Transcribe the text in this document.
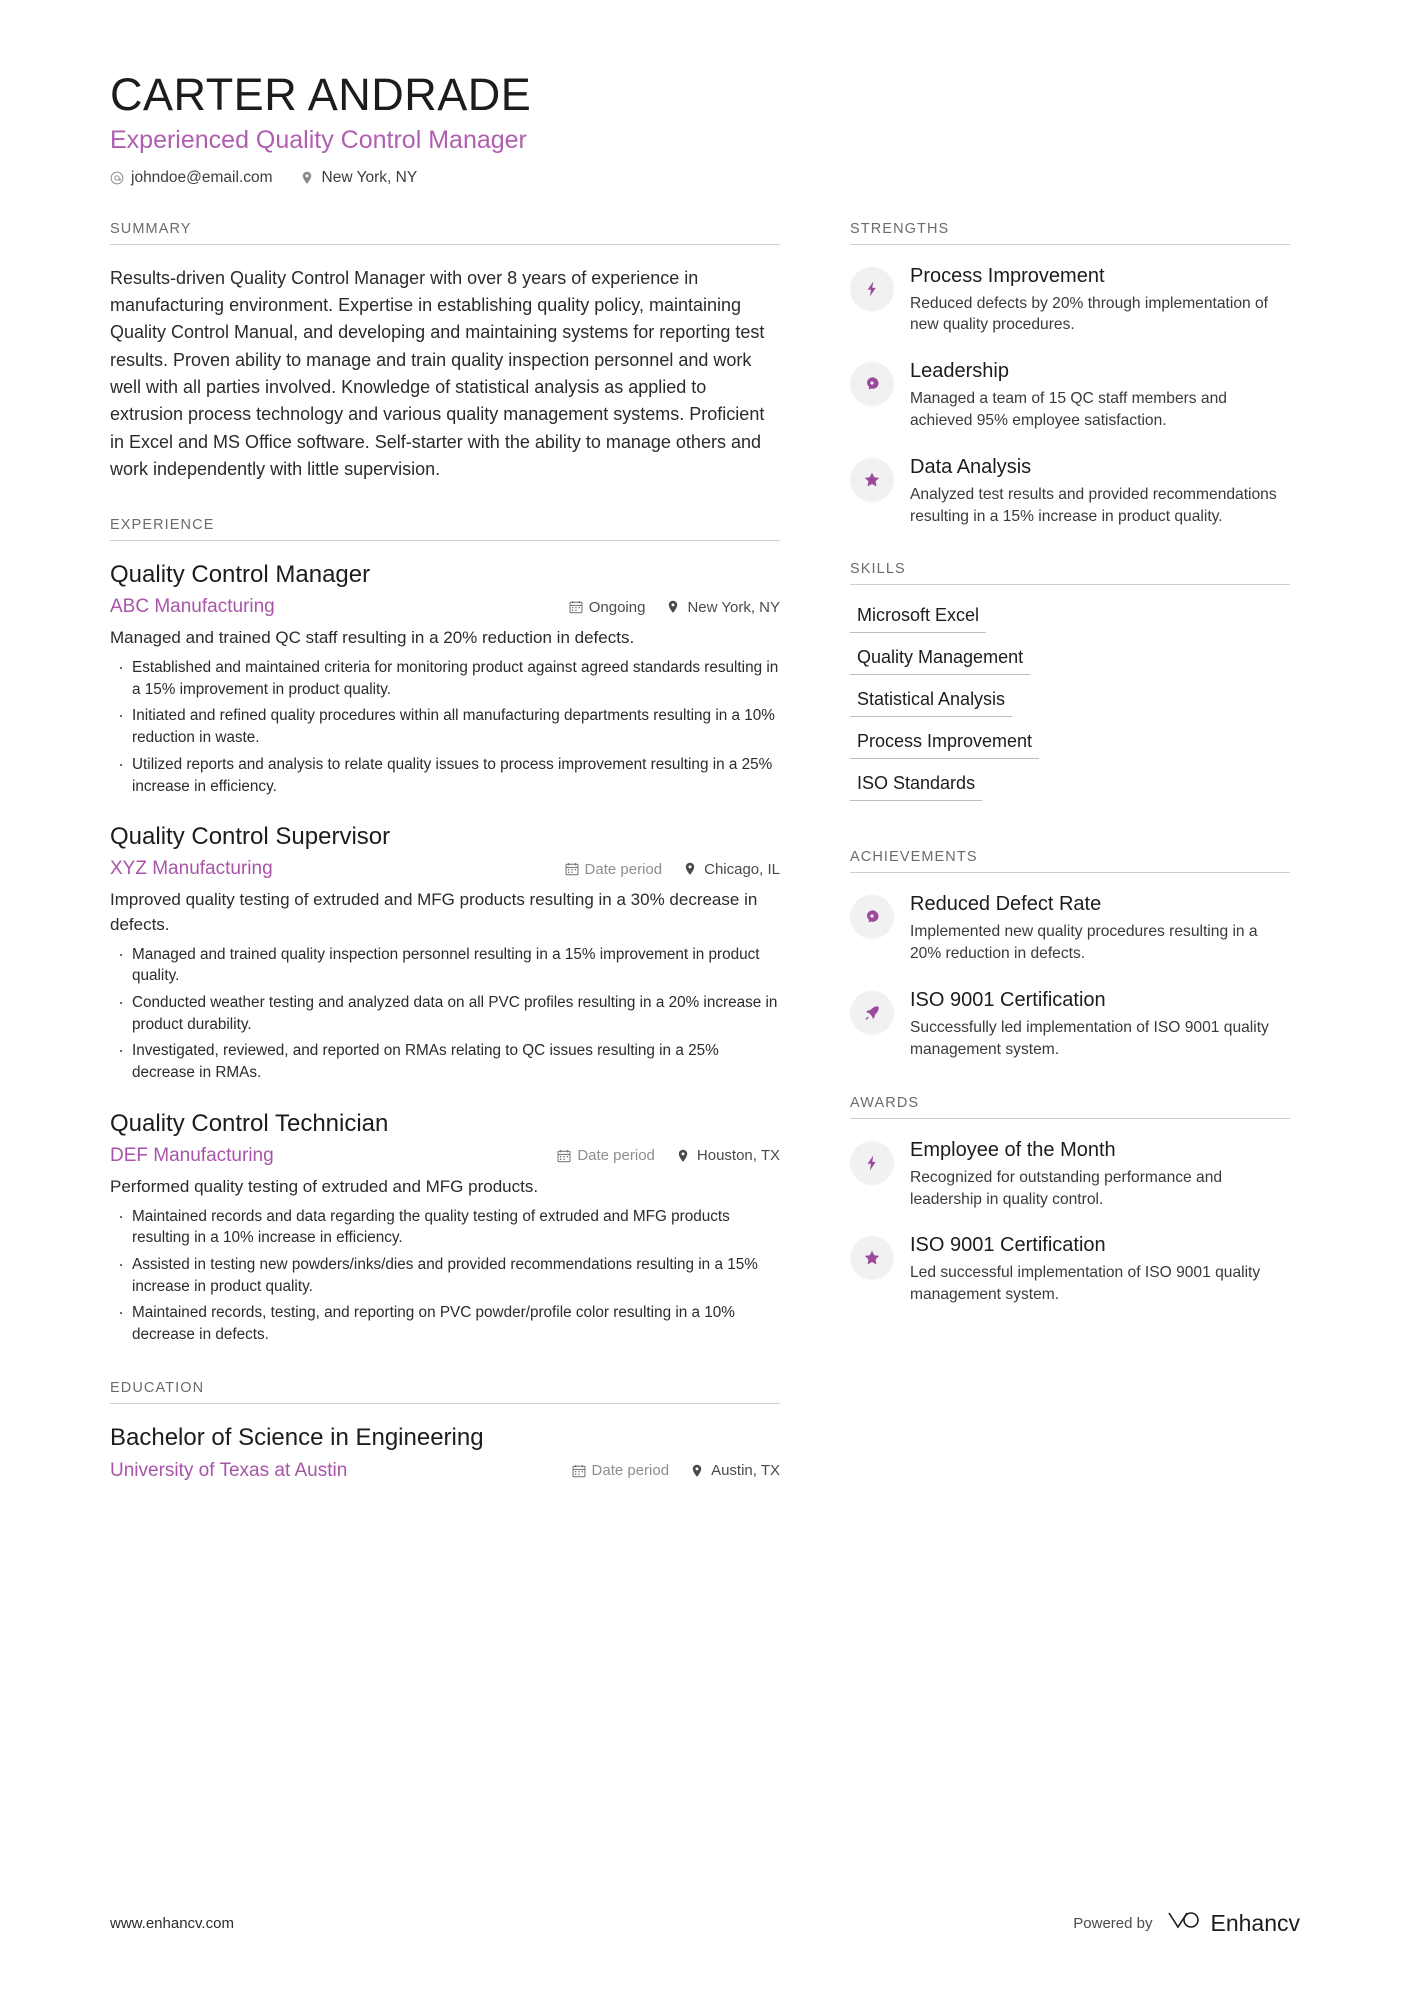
CARTER ANDRADE
Experienced Quality Control Manager
johndoe@email.com	New York, NY
SUMMARY
Results-driven Quality Control Manager with over 8 years of experience in manufacturing environment. Expertise in establishing quality policy, maintaining Quality Control Manual, and developing and maintaining systems for reporting test results. Proven ability to manage and train quality inspection personnel and work well with all parties involved. Knowledge of statistical analysis as applied to extrusion process technology and various quality management systems. Proficient in Excel and MS Office software. Self-starter with the ability to manage others and work independently with little supervision.
EXPERIENCE
Quality Control Manager
ABC Manufacturing	Ongoing	New York, NY
Managed and trained QC staff resulting in a 20% reduction in defects.
· Established and maintained criteria for monitoring product against agreed standards resulting in a 15% improvement in product quality.
· Initiated and refined quality procedures within all manufacturing departments resulting in a 10% reduction in waste.
· Utilized reports and analysis to relate quality issues to process improvement resulting in a 25% increase in efficiency.
Quality Control Supervisor
XYZ Manufacturing	Date period	Chicago, IL
Improved quality testing of extruded and MFG products resulting in a 30% decrease in defects.
· Managed and trained quality inspection personnel resulting in a 15% improvement in product quality.
· Conducted weather testing and analyzed data on all PVC profiles resulting in a 20% increase in product durability.
· Investigated, reviewed, and reported on RMAs relating to QC issues resulting in a 25% decrease in RMAs.
Quality Control Technician
DEF Manufacturing	Date period	Houston, TX
Performed quality testing of extruded and MFG products.
· Maintained records and data regarding the quality testing of extruded and MFG products resulting in a 10% increase in efficiency.
· Assisted in testing new powders/inks/dies and provided recommendations resulting in a 15% increase in product quality.
· Maintained records, testing, and reporting on PVC powder/profile color resulting in a 10% decrease in defects.
EDUCATION
Bachelor of Science in Engineering
University of Texas at Austin	Date period	Austin, TX
STRENGTHS
Process Improvement
Reduced defects by 20% through implementation of new quality procedures.
Leadership
Managed a team of 15 QC staff members and achieved 95% employee satisfaction.
Data Analysis
Analyzed test results and provided recommendations resulting in a 15% increase in product quality.
SKILLS
Microsoft Excel
Quality Management
Statistical Analysis
Process Improvement
ISO Standards
ACHIEVEMENTS
Reduced Defect Rate
Implemented new quality procedures resulting in a 20% reduction in defects.
ISO 9001 Certification
Successfully led implementation of ISO 9001 quality management system.
AWARDS
Employee of the Month
Recognized for outstanding performance and leadership in quality control.
ISO 9001 Certification
Led successful implementation of ISO 9001 quality management system.
www.enhancv.com	Powered by	Enhancv
